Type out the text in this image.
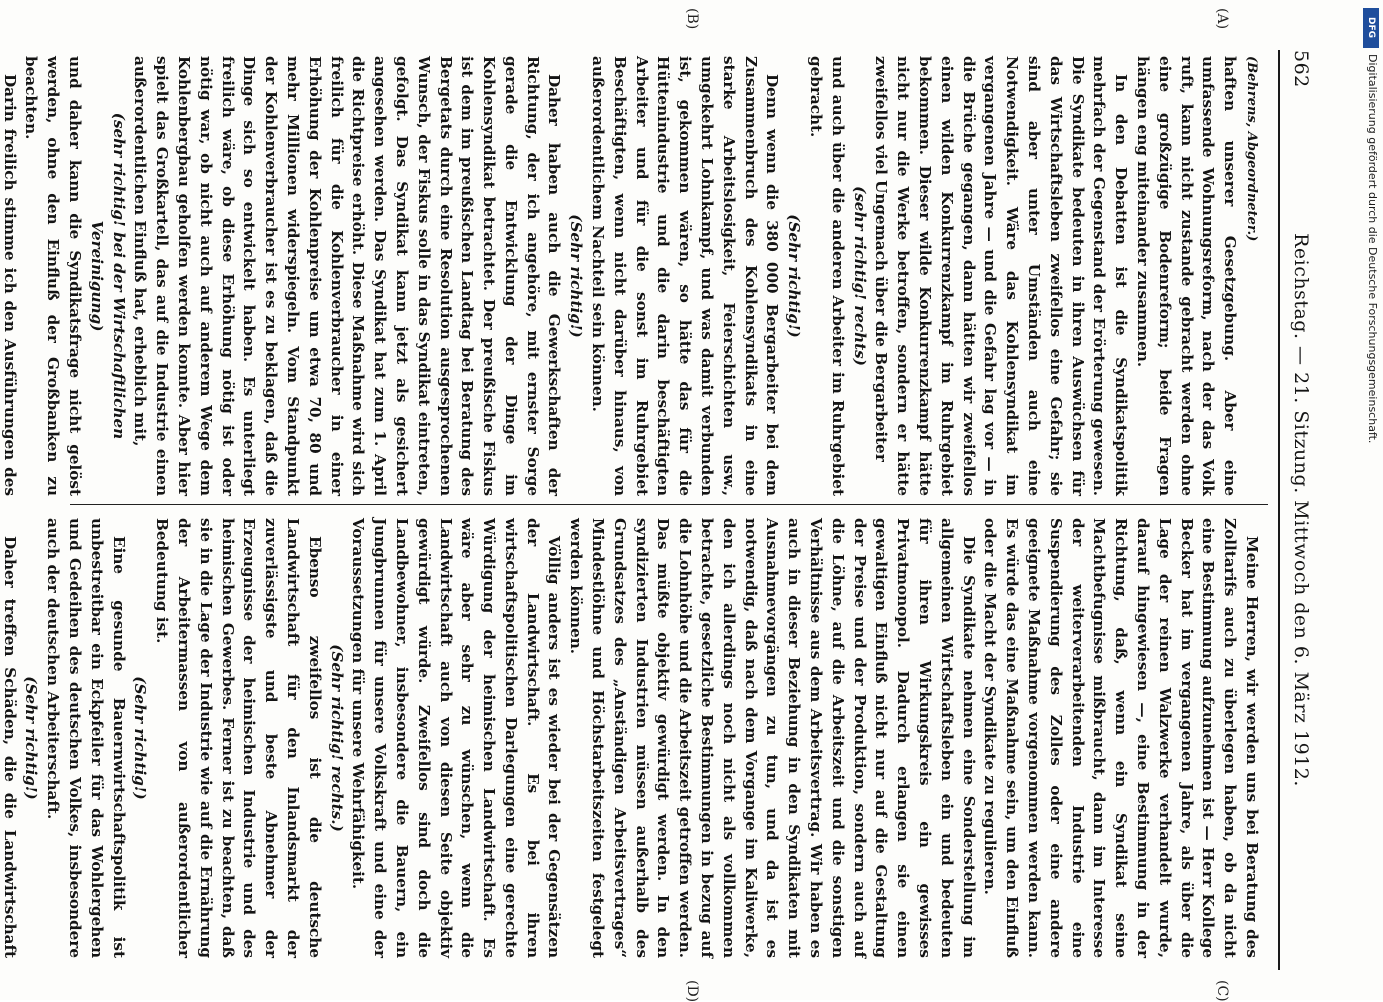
562
Reichstag. — 21. Sitzung. Mittwoch den 6. März 1912.
(A)
(B)
(C)
(D)

(Behrens, Abgeordneter.)

haften unserer Gesetzgebung. Aber eine umfassende Wohnungsreform, nach der das Volk ruft, kann nicht zustande gebracht werden ohne eine großzügige Bodenreform; beide Fragen hängen eng miteinander zusammen.

In den Debatten ist die Syndikatspolitik mehrfach der Gegenstand der Erörterung gewesen. Die Syndikate bedeuten in ihren Auswüchsen für das Wirtschaftsleben zweifellos eine Gefahr; sie sind aber unter Umständen auch eine Notwendigkeit. Wäre das Kohlensyndikat im vergangenen Jahre — und die Gefahr lag vor — in die Brüche gegangen, dann hätten wir zweifellos einen wilden Konkurrenzkampf im Ruhrgebiet bekommen. Dieser wilde Konkurrenzkampf hätte nicht nur die Werke betroffen, sondern er hätte zweifellos viel Ungemach über die Bergarbeiter

(sehr richtig! rechts)

und auch über die anderen Arbeiter im Ruhrgebiet gebracht.

(Sehr richtig!)

Denn wenn die 380 000 Bergarbeiter bei dem Zusammenbruch des Kohlensyndikats in eine starke Arbeitslosigkeit, Feierschichten usw., umgekehrt Lohnkampf, und was damit verbunden ist, gekommen wären, so hätte das für die Hüttenindustrie und die darin beschäftigten Arbeiter und für die sonst im Ruhrgebiet Beschäftigten, wenn nicht darüber hinaus, von außerordentlichem Nachteil sein können.

(Sehr richtig!)

Daher haben auch die Gewerkschaften der Richtung, der ich angehöre, mit ernster Sorge gerade die Entwicklung der Dinge im Kohlensyndikat betrachtet. Der preußische Fiskus ist dem im preußischen Landtag bei Beratung des Bergetats durch eine Resolution ausgesprochenen Wunsch, der Fiskus solle in das Syndikat eintreten, gefolgt. Das Syndikat kann jetzt als gesichert angesehen werden. Das Syndikat hat zum 1. April die Richtpreise erhöht. Diese Maßnahme wird sich freilich für die Kohlenverbraucher in einer Erhöhung der Kohlenpreise um etwa 70, 80 und mehr Millionen widerspiegeln. Vom Standpunkt der Kohlenverbraucher ist es zu beklagen, daß die Dinge sich so entwickelt haben. Es unterliegt freilich wäre, ob diese Erhöhung nötig ist oder nötig war, ob nicht auch auf anderem Wege dem Kohlenbergbau geholfen werden konnte. Aber hier spielt das Großkartell, das auf die Industrie einen außerordentlichen Einfluß hat, erheblich mit,

(sehr richtig! bei der Wirtschaftlichen Vereinigung)

und daher kann die Syndikatsfrage nicht gelöst werden, ohne den Einfluß der Großbanken zu beachten.

Darin freilich stimme ich den Ausführungen des

Meine Herren, wir werden uns bei Beratung des Zolltarifs auch zu überlegen haben, ob da nicht eine Bestimmung aufzunehmen ist — Herr Kollege Becker hat im vergangenen Jahre, als über die Lage der reinen Walzwerke verhandelt wurde, darauf hingewiesen —, eine Bestimmung in der Richtung, daß, wenn ein Syndikat seine Machtbefugnisse mißbraucht, dann im Interesse der weiterverarbeitenden Industrie eine Suspendierung des Zolles oder eine andere geeignete Maßnahme vorgenommen werden kann. Es würde das eine Maßnahme sein, um den Einfluß oder die Macht der Syndikate zu regulieren.

Die Syndikate nehmen eine Sonderstellung im allgemeinen Wirtschaftsleben ein und bedeuten für ihren Wirkungskreis ein gewisses Privatmonopol. Dadurch erlangen sie einen gewaltigen Einfluß nicht nur auf die Gestaltung der Preise und der Produktion, sondern auch auf die Löhne, auf die Arbeitszeit und die sonstigen Verhältnisse aus dem Arbeitsvertrag. Wir haben es auch in dieser Beziehung in den Syndikaten mit Ausnahmevorgängen zu tun, und da ist es notwendig, daß nach dem Vorgange im Kaliwerke, den ich allerdings noch nicht als vollkommen betrachte, gesetzliche Bestimmungen in bezug auf die Lohnhöhe und die Arbeitszeit getroffen werden. Das müßte objektiv gewürdigt werden. In den syndizierten Industrien müssen außerhalb des Grundsatzes des „Anständigen Arbeitsvertrages“ Mindestlöhne und Höchstarbeitszeiten festgelegt werden können.

Völlig anders ist es wieder bei der Gegensätzen der Landwirtschaft. Es bei ihren wirtschaftspolitischen Darlegungen eine gerechte Würdigung der heimischen Landwirtschaft. Es wäre aber sehr zu wünschen, wenn die Landwirtschaft auch von diesen Seite objektiv gewürdigt würde. Zweifellos sind doch die Landbewohner, insbesondere die Bauern, ein Jungbrunnen für unsere Volkskraft und eine der Voraussetzungen für unsere Wehrfähigkeit.

(Sehr richtig! rechts.)

Ebenso zweifellos ist die deutsche Landwirtschaft für den Inlandsmarkt der zuverlässigste und beste Abnehmer der Erzeugnisse der heimischen Industrie und des heimischen Gewerbes. Ferner ist zu beachten, daß sie in die Lage der Industrie wie auf die Ernährung der Arbeitermassen von außerordentlicher Bedeutung ist.

(Sehr richtig!)

Eine gesunde Bauernwirtschaftspolitik ist unbestreitbar ein Eckpfeiler für das Wohlergehen und Gedeihen des deutschen Volkes, insbesondere auch der deutschen Arbeiterschaft.

(Sehr richtig!)

Daher treffen Schäden, die die Landwirtschaft

DFG
Digitalisierung gefördert durch die Deutsche Forschungsgemeinschaft.
